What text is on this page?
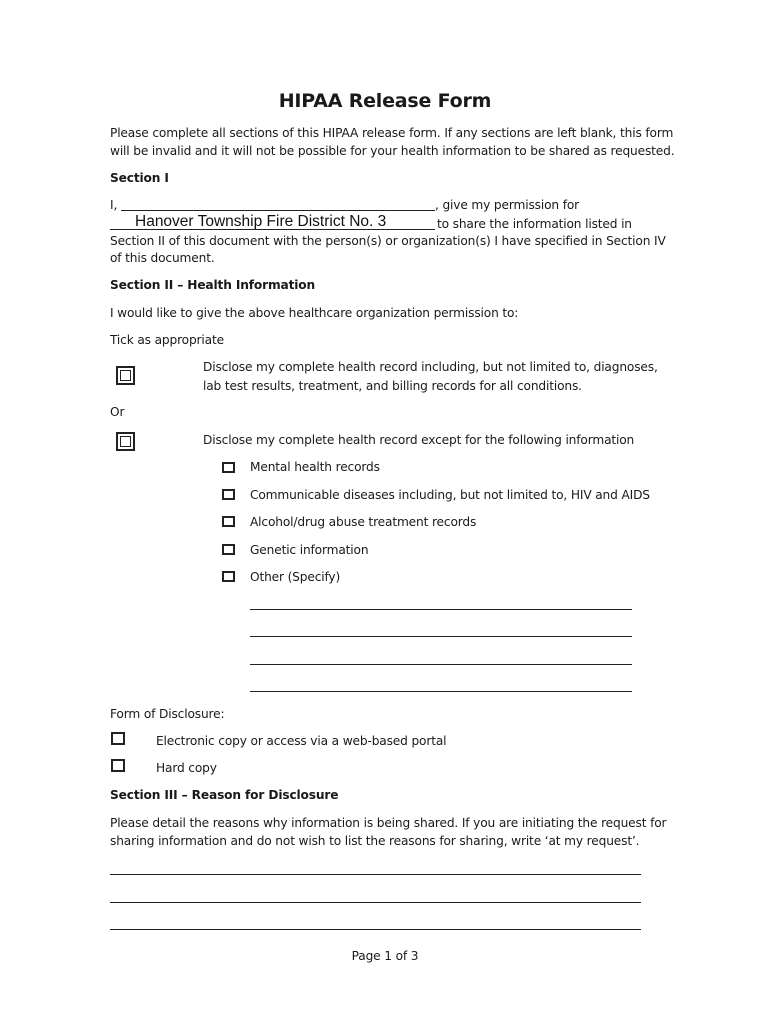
HIPAA Release Form
Please complete all sections of this HIPAA release form. If any sections are left blank, this form
will be invalid and it will not be possible for your health information to be shared as requested.
Section I
I,	, give my permission for
Hanover Township Fire District No. 3	to share the information listed in
Section II of this document with the person(s) or organization(s) I have specified in Section IV
of this document.
Section II – Health Information
I would like to give the above healthcare organization permission to:
Tick as appropriate
Disclose my complete health record including, but not limited to, diagnoses,
lab test results, treatment, and billing records for all conditions.
Or
Disclose my complete health record except for the following information
Mental health records
Communicable diseases including, but not limited to, HIV and AIDS
Alcohol/drug abuse treatment records
Genetic information
Other (Specify)
Form of Disclosure:
Electronic copy or access via a web-based portal
Hard copy
Section III – Reason for Disclosure
Please detail the reasons why information is being shared. If you are initiating the request for
sharing information and do not wish to list the reasons for sharing, write ‘at my request’.
Page 1 of 3
